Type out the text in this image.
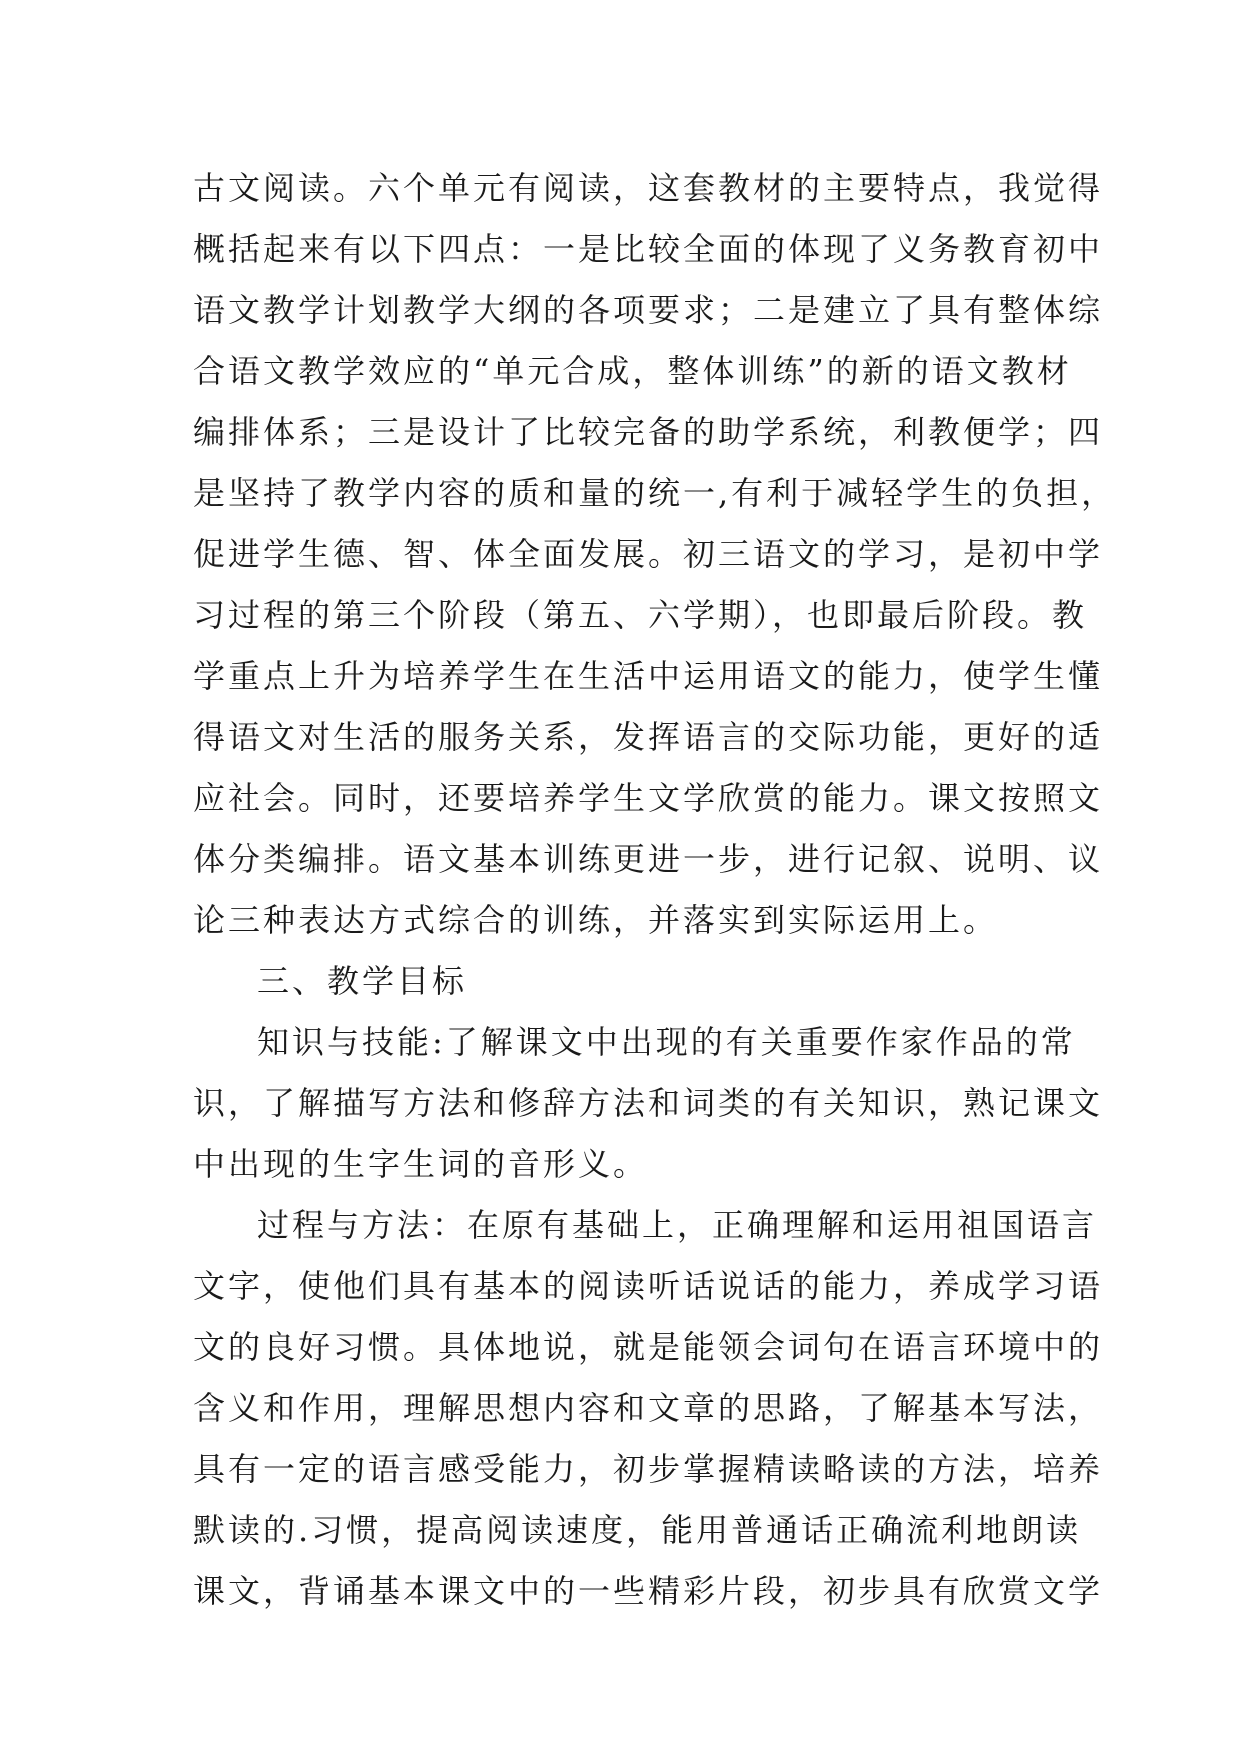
古文阅读。六个单元有阅读，这套教材的主要特点，我觉得
概括起来有以下四点：一是比较全面的体现了义务教育初中
语文教学计划教学大纲的各项要求；二是建立了具有整体综
合语文教学效应的“单元合成，整体训练”的新的语文教材
编排体系；三是设计了比较完备的助学系统，利教便学；四
是坚持了教学内容的质和量的统一,有利于减轻学生的负担，
促进学生德、智、体全面发展。初三语文的学习，是初中学
习过程的第三个阶段（第五、六学期），也即最后阶段。教
学重点上升为培养学生在生活中运用语文的能力，使学生懂
得语文对生活的服务关系，发挥语言的交际功能，更好的适
应社会。同时，还要培养学生文学欣赏的能力。课文按照文
体分类编排。语文基本训练更进一步，进行记叙、说明、议
论三种表达方式综合的训练，并落实到实际运用上。
三、教学目标
知识与技能:了解课文中出现的有关重要作家作品的常
识，了解描写方法和修辞方法和词类的有关知识，熟记课文
中出现的生字生词的音形义。
过程与方法：在原有基础上，正确理解和运用祖国语言
文字，使他们具有基本的阅读听话说话的能力，养成学习语
文的良好习惯。具体地说，就是能领会词句在语言环境中的
含义和作用，理解思想内容和文章的思路，了解基本写法，
具有一定的语言感受能力，初步掌握精读略读的方法，培养
默读的.习惯，提高阅读速度，能用普通话正确流利地朗读
课文，背诵基本课文中的一些精彩片段，初步具有欣赏文学
